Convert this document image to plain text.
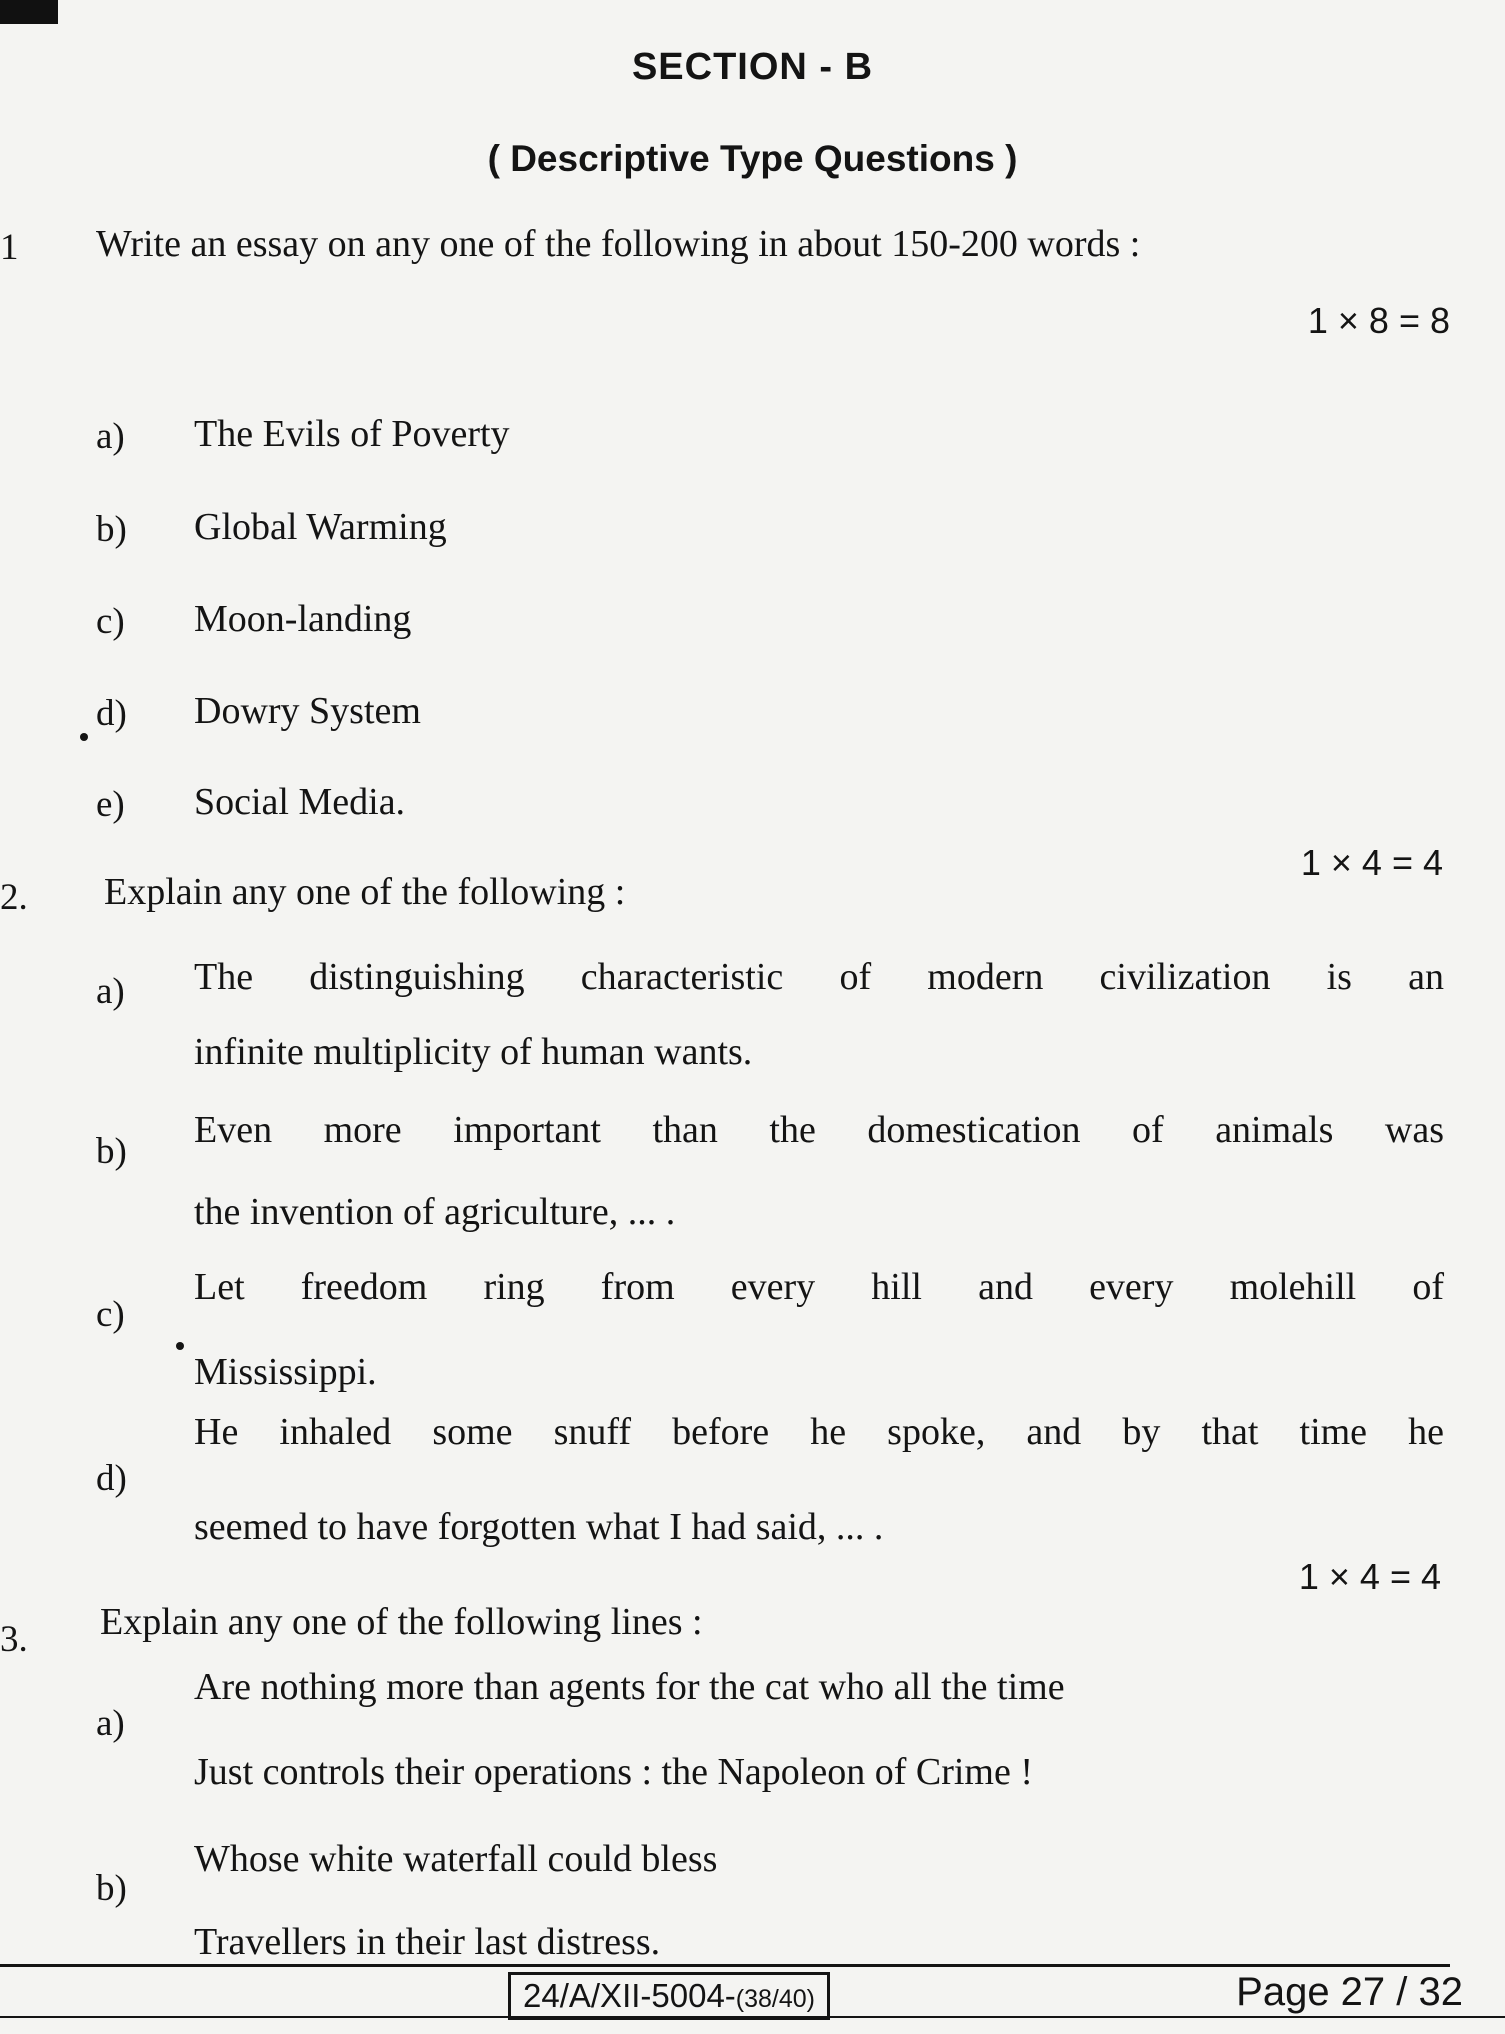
SECTION - B
( Descriptive Type Questions )
1 Write an essay on any one of the following in about 150-200 words :
1 × 8 = 8
a)	The Evils of Poverty
b)	Global Warming
c)	Moon-landing
d)	Dowry System
e)	Social Media.
2. Explain any one of the following :
1 × 4 = 4
a)	The distinguishing characteristic of modern civilization is an
infinite multiplicity of human wants.
b)
Even more important than the domestication of animals was
the invention of agriculture, ... .
c)
Let freedom ring from every hill and every molehill of
Mississippi.
d)
He inhaled some snuff before he spoke, and by that time he
seemed to have forgotten what I had said, ... .
3. Explain any one of the following lines :
1 × 4 = 4
a)
Are nothing more than agents for the cat who all the time
Just controls their operations : the Napoleon of Crime !
b)
Whose white waterfall could bless
Travellers in their last distress.
24/A/XII-5004-(38/40)	Page 27 / 32
